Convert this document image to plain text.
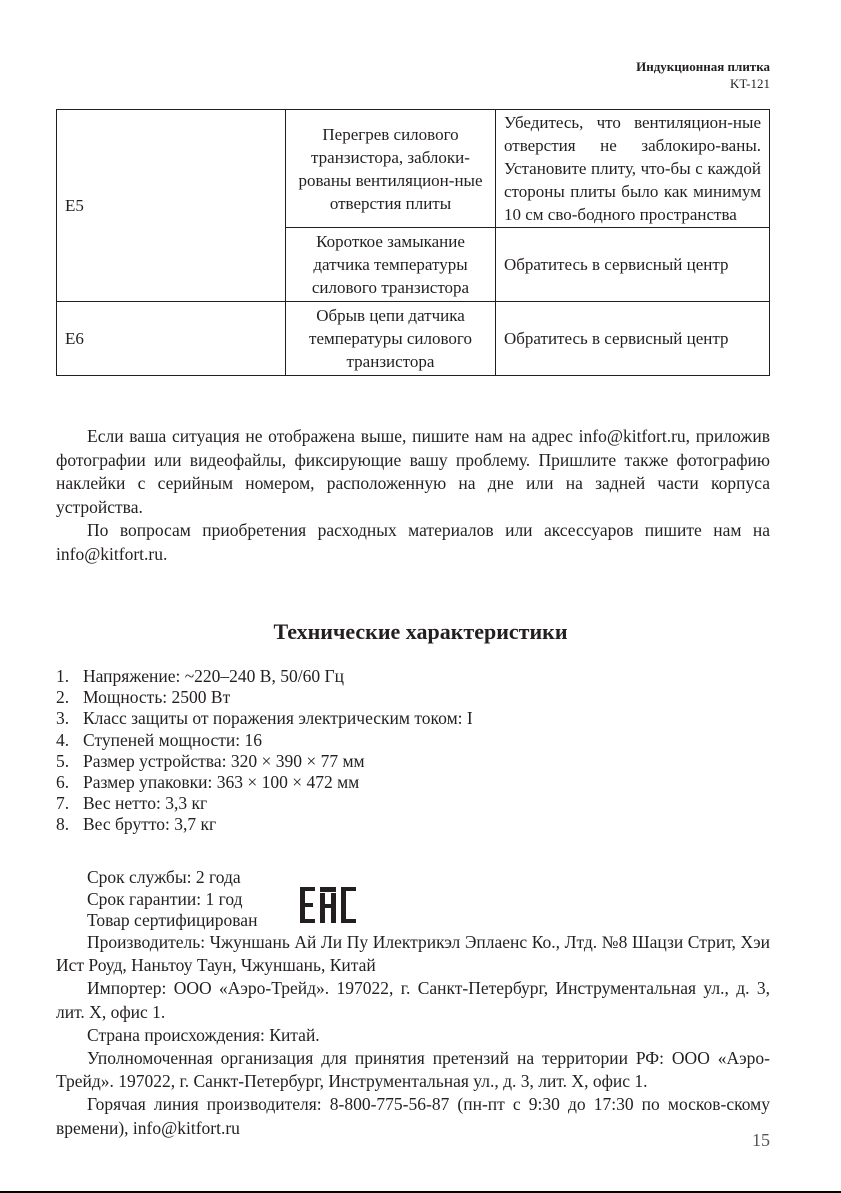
Индукционная плитка
KT-121
E5	Перегрев силового транзистора, заблоки-рованы вентиляцион-ные отверстия плиты	Убедитесь, что вентиляцион-ные отверстия не заблокиро-ваны. Установите плиту, что-бы с каждой стороны плиты было как минимум 10 см сво-бодного пространства
	Короткое замыкание датчика температуры силового транзистора	Обратитесь в сервисный центр
E6	Обрыв цепи датчика температуры силового транзистора	Обратитесь в сервисный центр

Если ваша ситуация не отображена выше, пишите нам на адрес info@kitfort.ru, приложив фотографии или видеофайлы, фиксирующие вашу проблему. Пришлите также фотографию наклейки с серийным номером, расположенную на дне или на задней части корпуса устройства.

По вопросам приобретения расходных материалов или аксессуаров пишите нам на info@kitfort.ru.

Технические характеристики
1. Напряжение: ~220–240 В, 50/60 Гц
2. Мощность: 2500 Вт
3. Класс защиты от поражения электрическим током: I
4. Ступеней мощности: 16
5. Размер устройства: 320 × 390 × 77 мм
6. Размер упаковки: 363 × 100 × 472 мм
7. Вес нетто: 3,3 кг
8. Вес брутто: 3,7 кг
Срок службы: 2 года
Срок гарантии: 1 год
Товар сертифицирован

Производитель: Чжуншань Ай Ли Пу Илектрикэл Эплаенс Ко., Лтд. №8 Шацзи Стрит, Хэи Ист Роуд, Наньтоу Таун, Чжуншань, Китай

Импортер: ООО «Аэро-Трейд». 197022, г. Санкт-Петербург, Инструментальная ул., д. 3, лит. Х, офис 1.

Страна происхождения: Китай.

Уполномоченная организация для принятия претензий на территории РФ: ООО «Аэро-Трейд». 197022, г. Санкт-Петербург, Инструментальная ул., д. 3, лит. Х, офис 1.

Горячая линия производителя: 8-800-775-56-87 (пн-пт с 9:30 до 17:30 по москов-скому времени), info@kitfort.ru

15
